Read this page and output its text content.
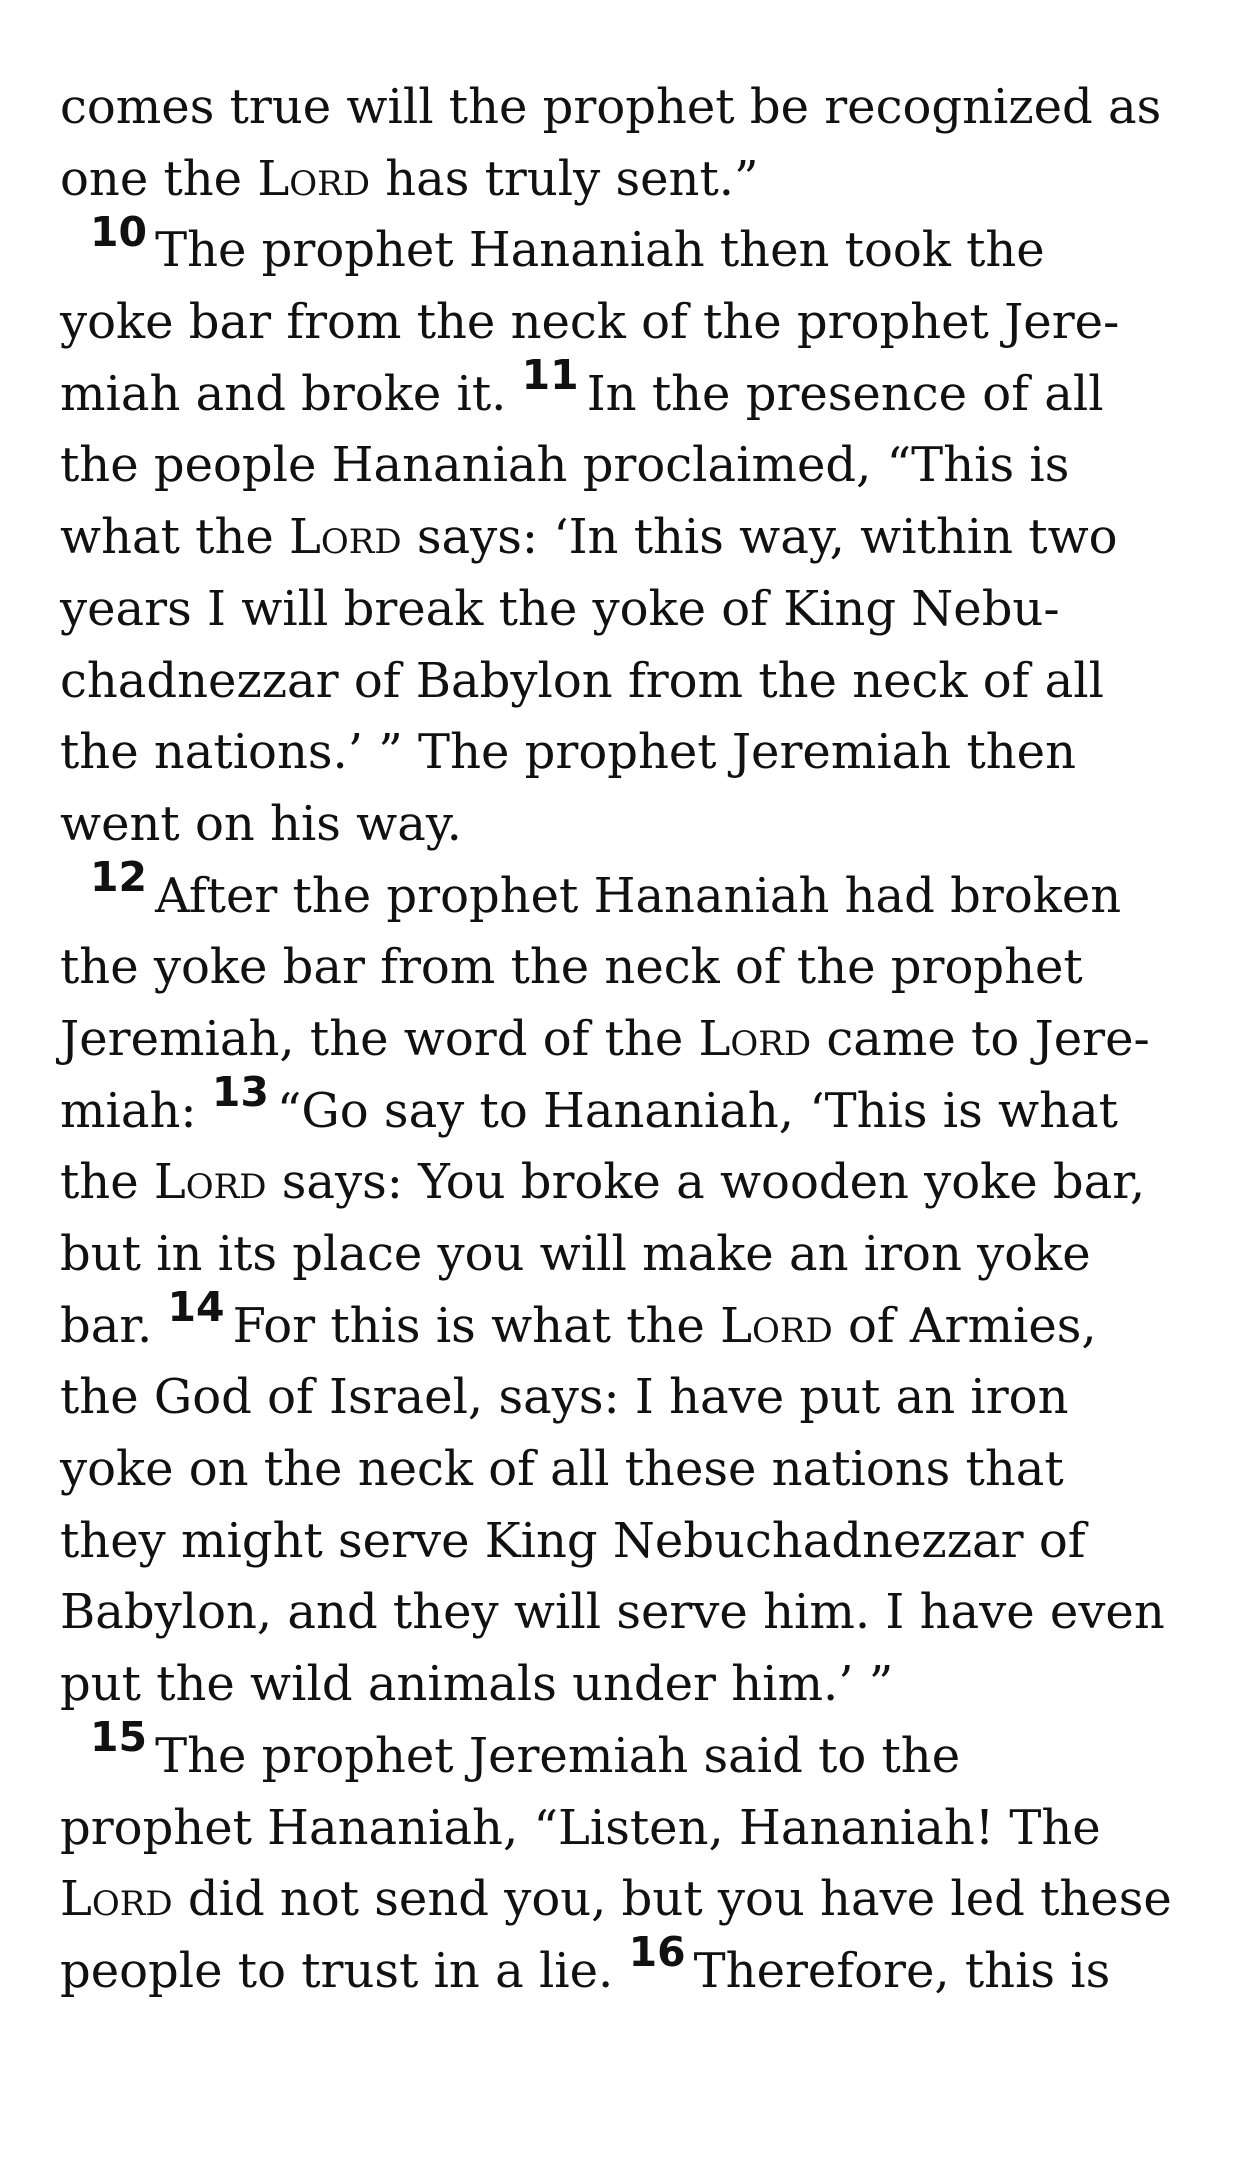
comes true will the prophet be recognized as
one the Lord has truly sent.”
10 The prophet Hananiah then took the
yoke bar from the neck of the prophet Jere-
miah and broke it. 11 In the presence of all
the people Hananiah proclaimed, “This is
what the Lord says: ‘In this way, within two
years I will break the yoke of King Nebu-
chadnezzar of Babylon from the neck of all
the nations.’ ” The prophet Jeremiah then
went on his way.
12 After the prophet Hananiah had broken
the yoke bar from the neck of the prophet
Jeremiah, the word of the Lord came to Jere-
miah: 13 “Go say to Hananiah, ‘This is what
the Lord says: You broke a wooden yoke bar,
but in its place you will make an iron yoke
bar. 14 For this is what the Lord of Armies,
the God of Israel, says: I have put an iron
yoke on the neck of all these nations that
they might serve King Nebuchadnezzar of
Babylon, and they will serve him. I have even
put the wild animals under him.’ ”
15 The prophet Jeremiah said to the
prophet Hananiah, “Listen, Hananiah! The
Lord did not send you, but you have led these
people to trust in a lie. 16 Therefore, this is
